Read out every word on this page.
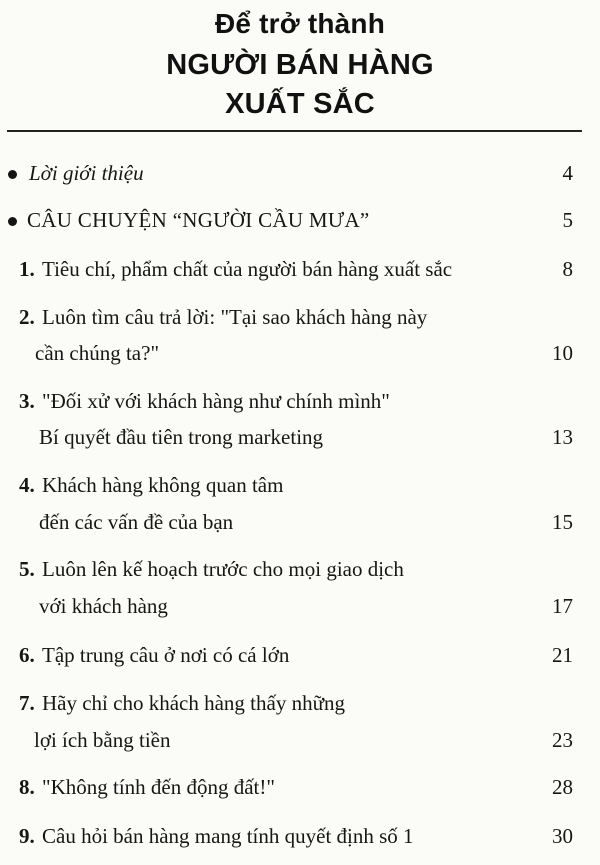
Để trở thành
NGƯỜI BÁN HÀNG
XUẤT SẮC
Lời giới thiệu	4
CÂU CHUYỆN “NGƯỜI CẦU MƯA”	5
1. Tiêu chí, phẩm chất của người bán hàng xuất sắc	8
2. Luôn tìm câu trả lời: "Tại sao khách hàng này
cần chúng ta?"	10
3. "Đối xử với khách hàng như chính mình"
Bí quyết đầu tiên trong marketing	13
4. Khách hàng không quan tâm
đến các vấn đề của bạn	15
5. Luôn lên kế hoạch trước cho mọi giao dịch
với khách hàng	17
6. Tập trung câu ở nơi có cá lớn	21
7. Hãy chỉ cho khách hàng thấy những
lợi ích bằng tiền	23
8. "Không tính đến động đất!"	28
9. Câu hỏi bán hàng mang tính quyết định số 1	30
